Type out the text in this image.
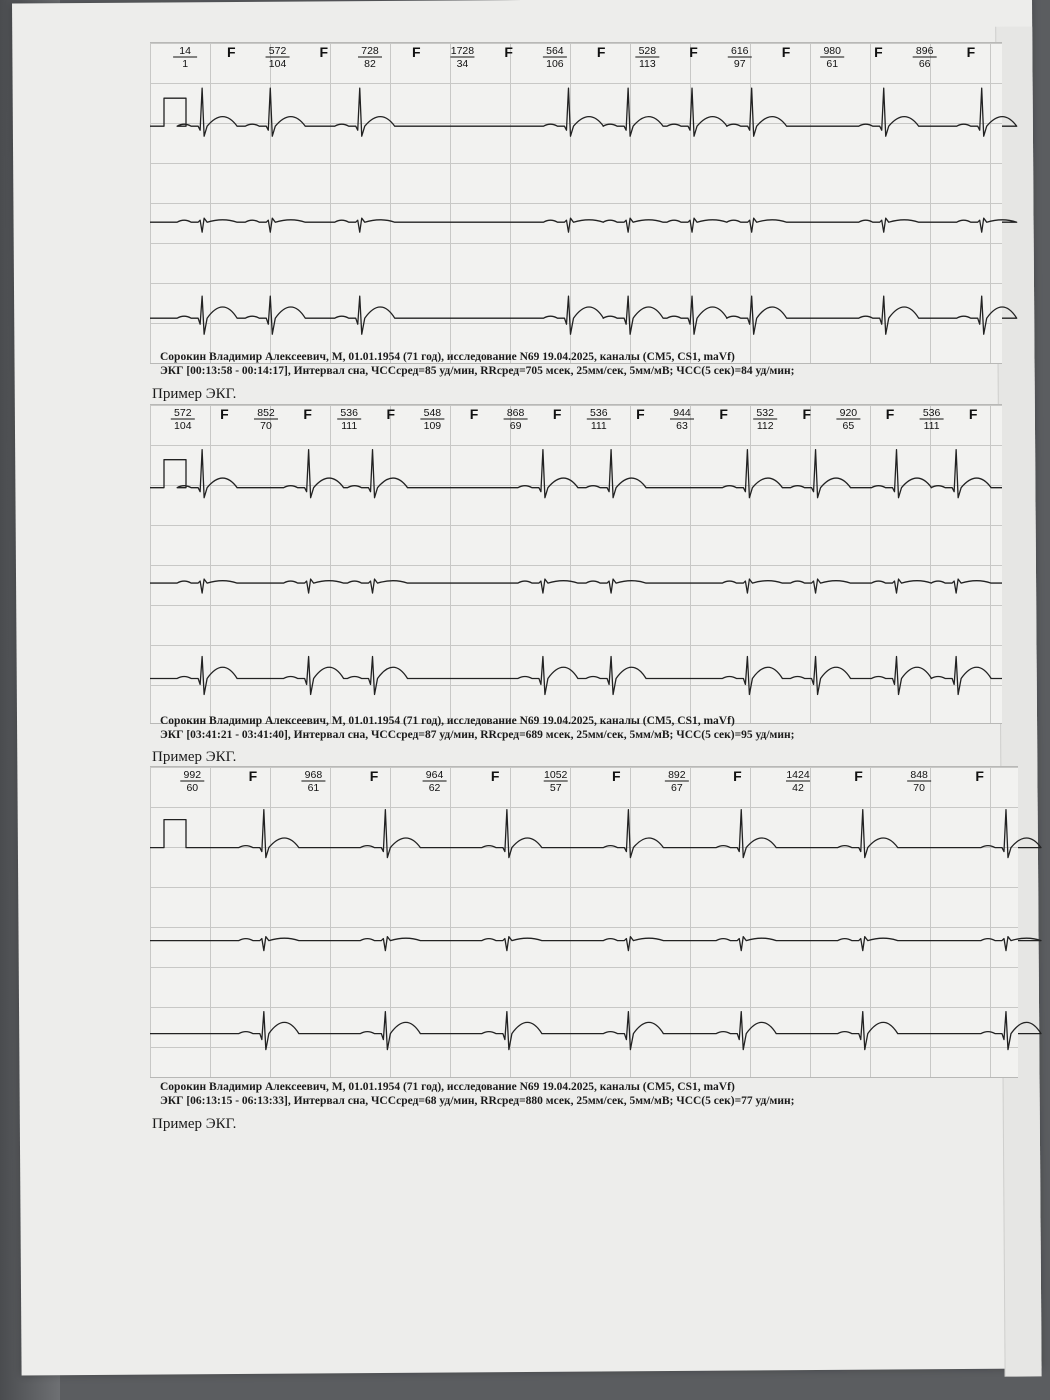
14
1
F	572
104
F	728
82
F	1728
34
F	564
106
F	528
113
F	616
97
F	980
61
F	896
66
F
Сорокин Владимир Алексеевич, М, 01.01.1954 (71 год), исследование N69 19.04.2025, каналы (CM5, CS1, maVf)
ЭКГ [00:13:58 - 00:14:17], Интервал сна, ЧССсред=85 уд/мин, RRсред=705 мсек, 25мм/сек, 5мм/мВ; ЧСС(5 сек)=84 уд/мин;
Пример ЭКГ.
572
104
F	852
70
F	536
111
F	548
109
F	868
69
F	536
111
F	944
63
F	532
112
F	920
65
F	536
111
F
Сорокин Владимир Алексеевич, М, 01.01.1954 (71 год), исследование N69 19.04.2025, каналы (CM5, CS1, maVf)
ЭКГ [03:41:21 - 03:41:40], Интервал сна, ЧССсред=87 уд/мин, RRсред=689 мсек, 25мм/сек, 5мм/мВ; ЧСС(5 сек)=95 уд/мин;
Пример ЭКГ.
992
60
F	968
61
F	964
62
F	1052
57
F	892
67
F	1424
42
F	848
70
F
Сорокин Владимир Алексеевич, М, 01.01.1954 (71 год), исследование N69 19.04.2025, каналы (CM5, CS1, maVf)
ЭКГ [06:13:15 - 06:13:33], Интервал сна, ЧССсред=68 уд/мин, RRсред=880 мсек, 25мм/сек, 5мм/мВ; ЧСС(5 сек)=77 уд/мин;
Пример ЭКГ.
